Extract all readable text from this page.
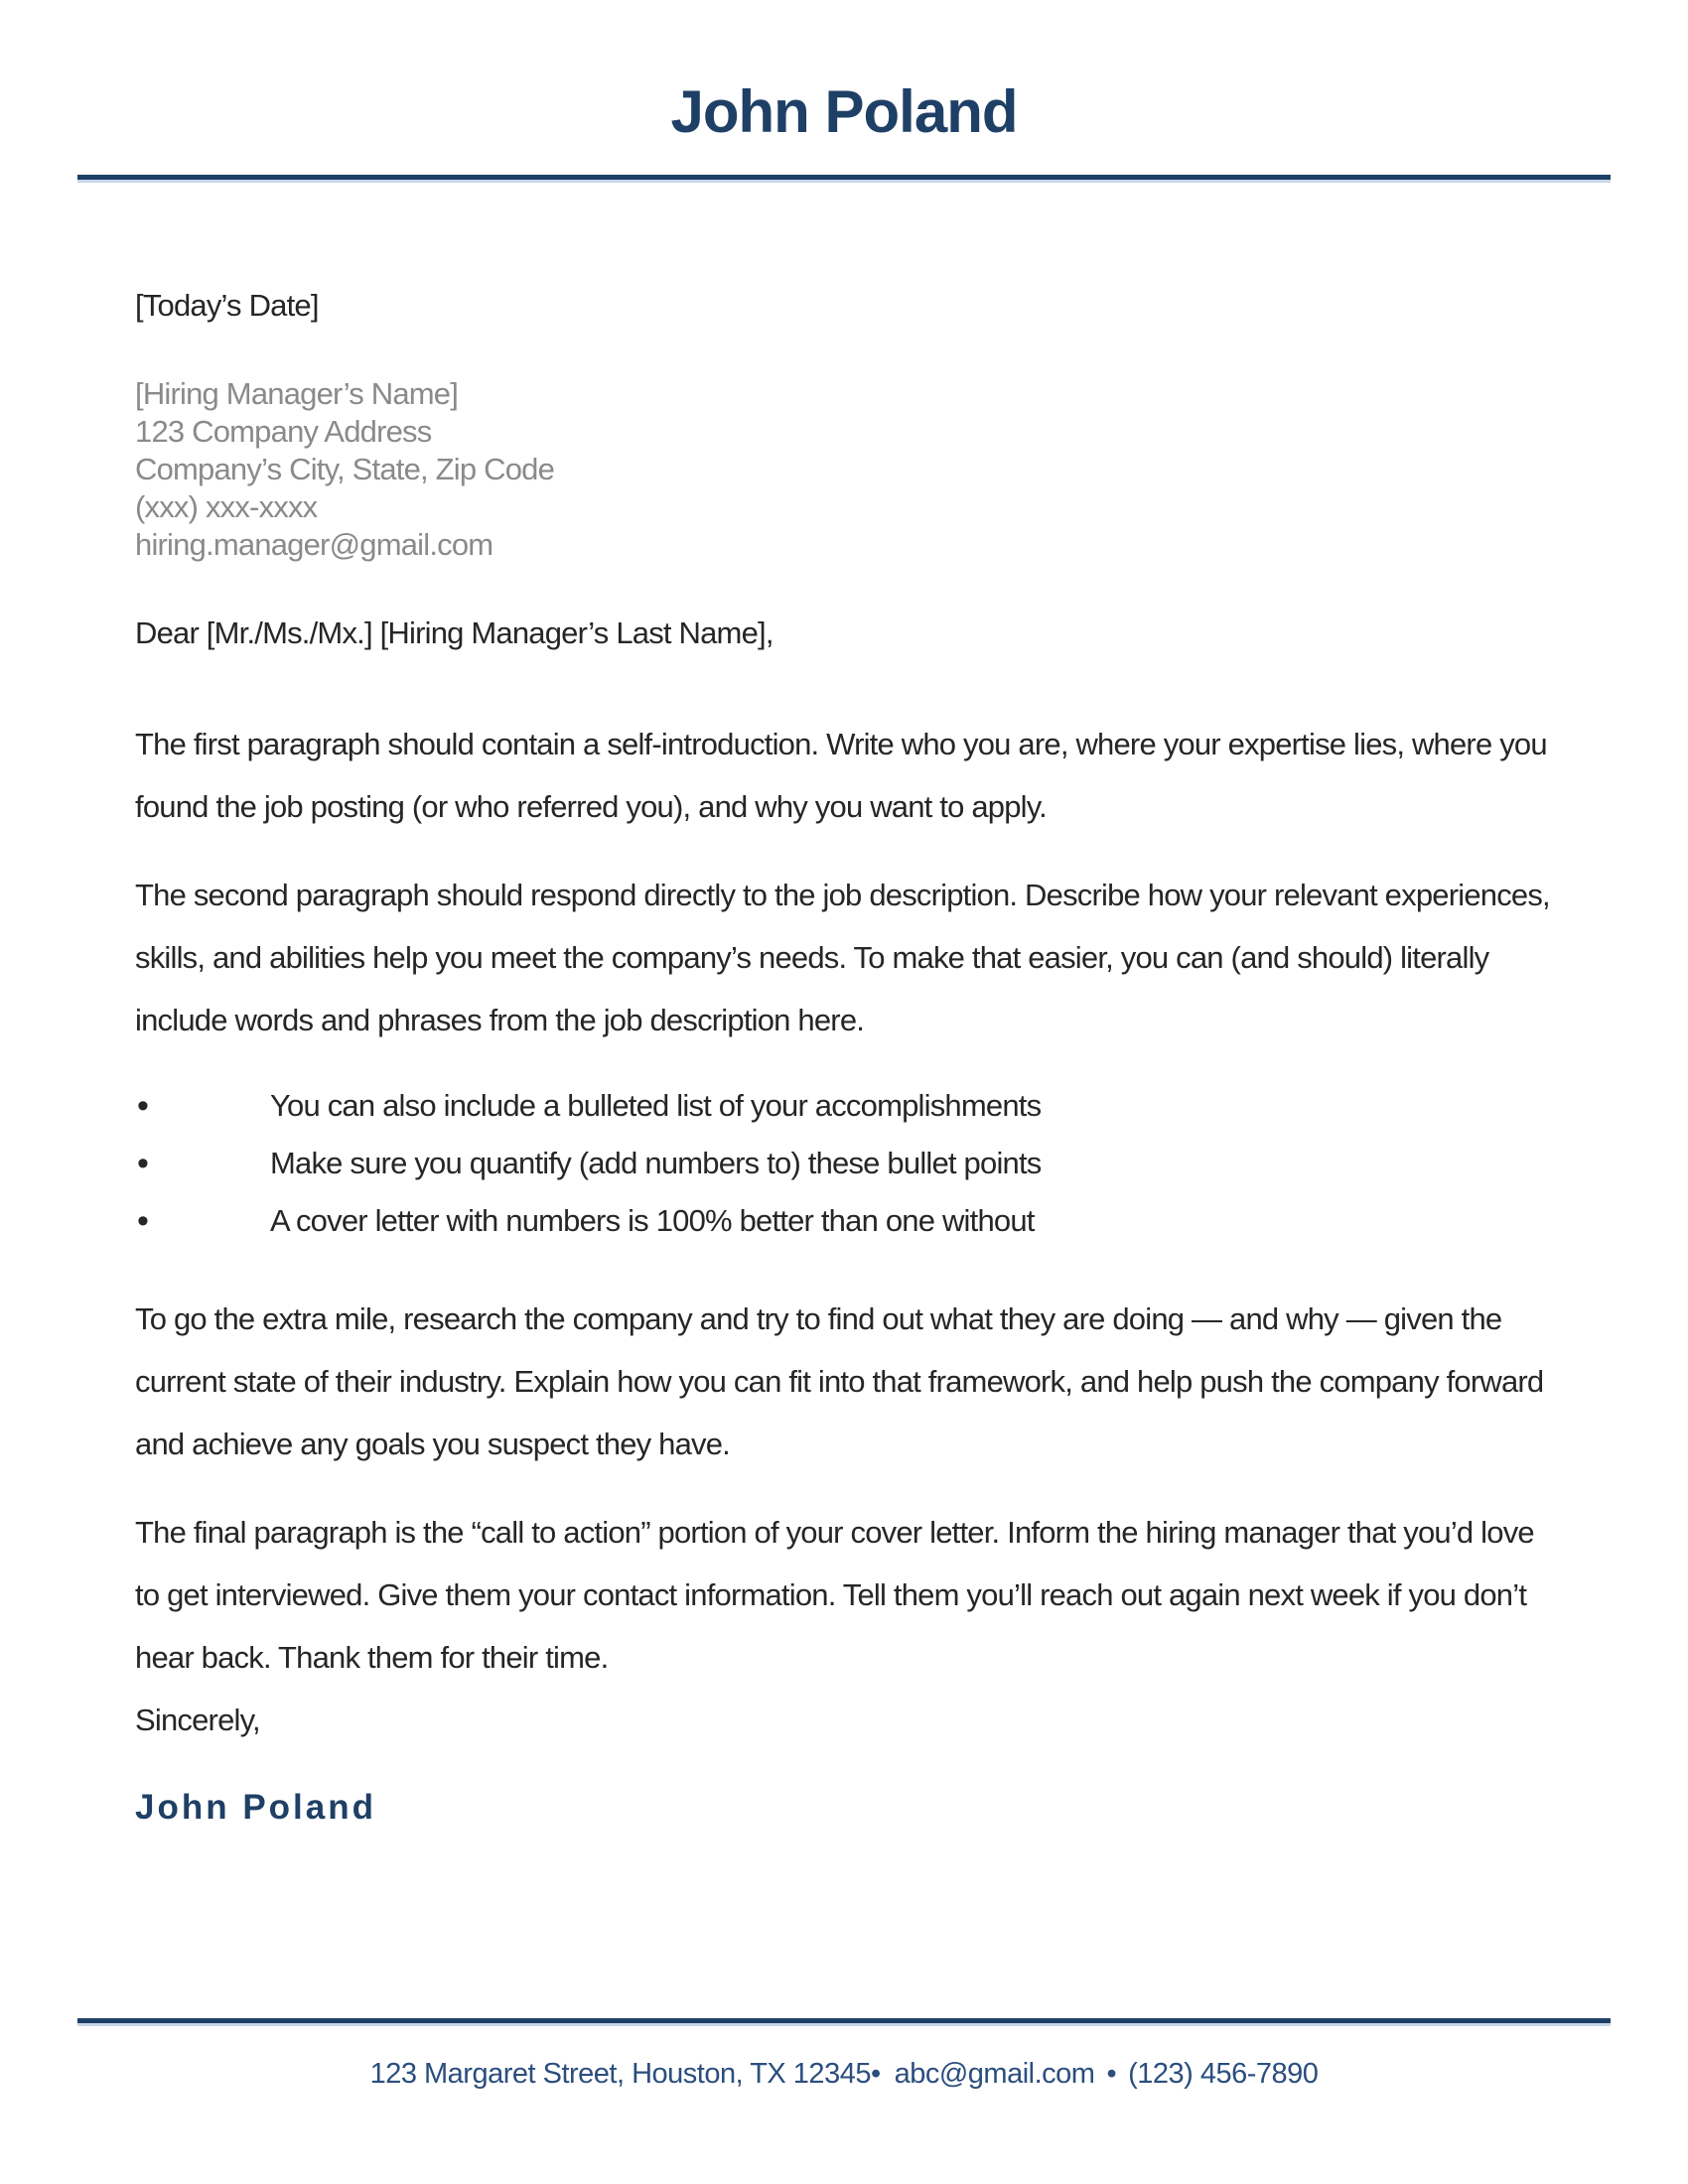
John Poland

[Today’s Date]

[Hiring Manager’s Name]

123 Company Address

Company’s City, State, Zip Code

(xxx) xxx-xxxx

hiring.manager@gmail.com

Dear [Mr./Ms./Mx.] [Hiring Manager’s Last Name],

The first paragraph should contain a self-introduction. Write who you are, where your expertise lies, where you found the job posting (or who referred you), and why you want to apply.

The second paragraph should respond directly to the job description. Describe how your relevant experiences, skills, and abilities help you meet the company’s needs. To make that easier, you can (and should) literally include words and phrases from the job description here.

•	You can also include a bulleted list of your accomplishments
•	Make sure you quantify (add numbers to) these bullet points
•	A cover letter with numbers is 100% better than one without

To go the extra mile, research the company and try to find out what they are doing — and why — given the current state of their industry. Explain how you can fit into that framework, and help push the company forward and achieve any goals you suspect they have.

The final paragraph is the “call to action” portion of your cover letter. Inform the hiring manager that you’d love to get interviewed. Give them your contact information. Tell them you’ll reach out again next week if you don’t hear back. Thank them for their time.

Sincerely,

John Poland

123 Margaret Street, Houston, TX 12345• abc@gmail.com • (123) 456-7890
